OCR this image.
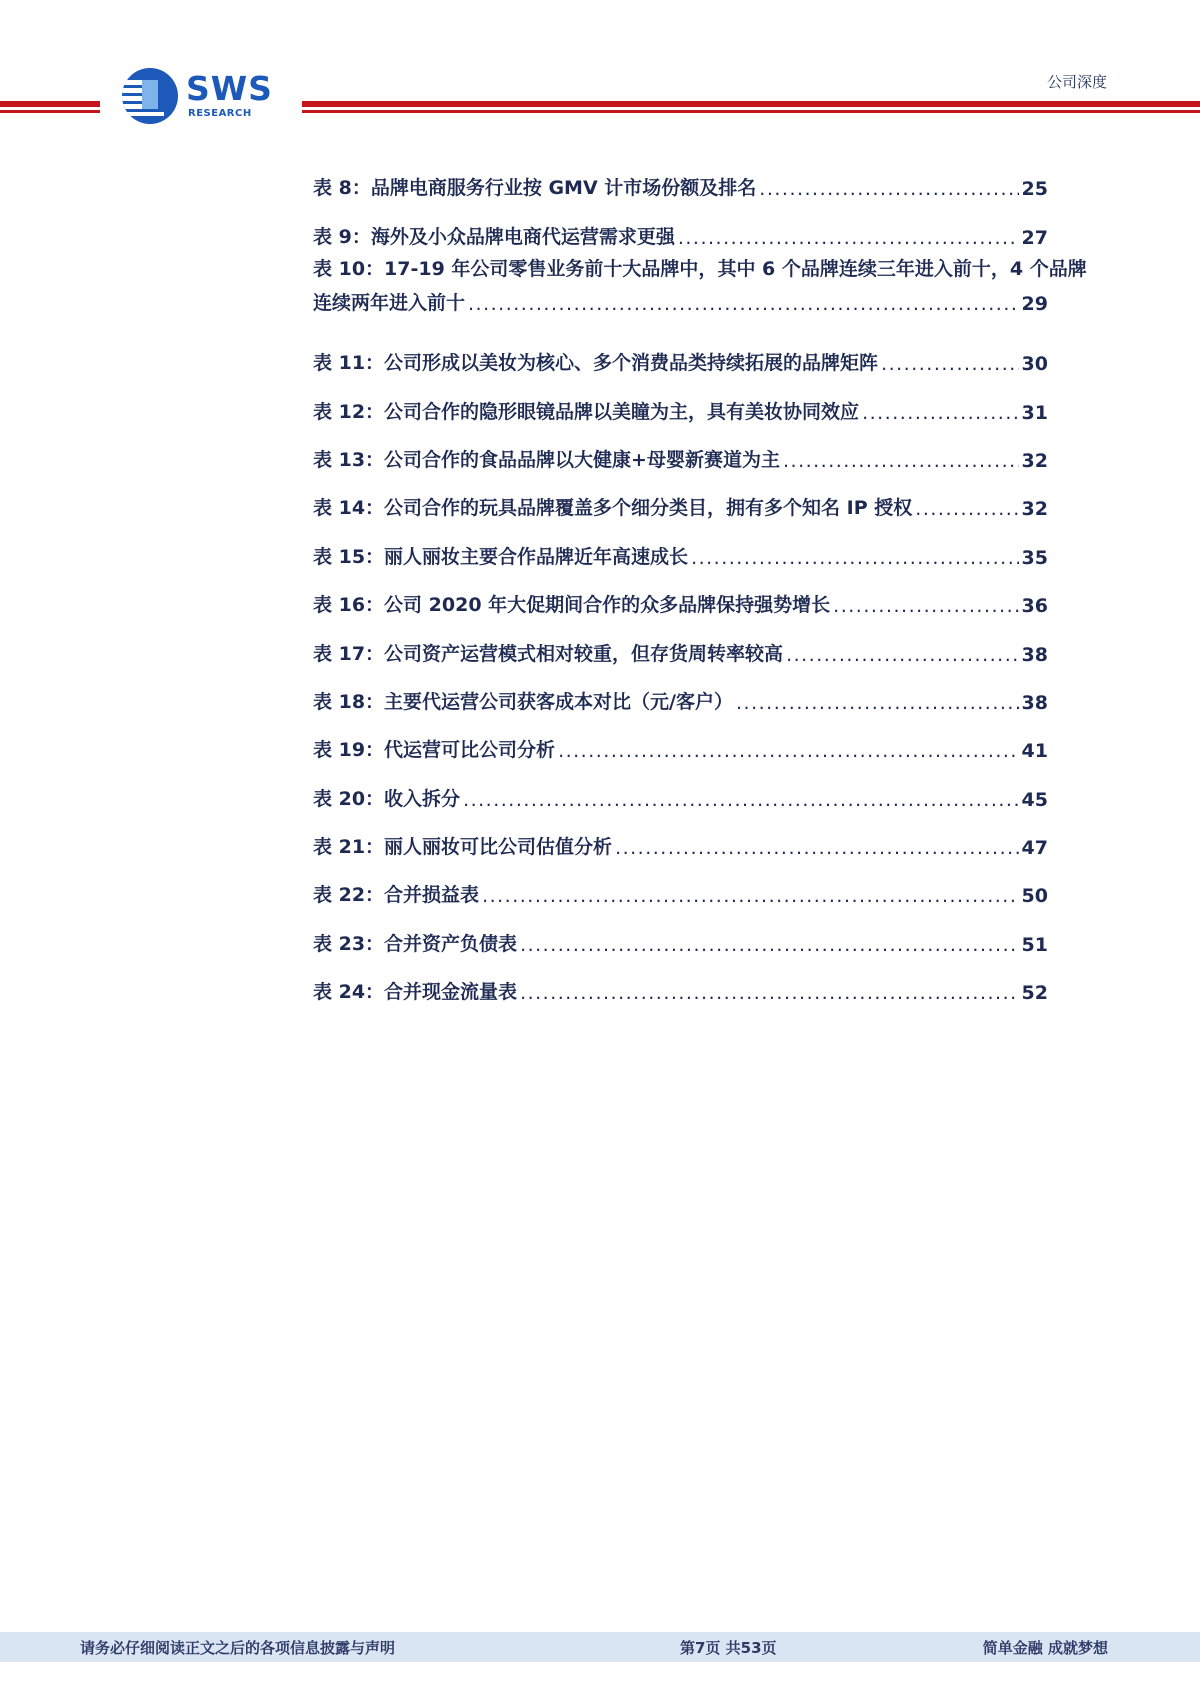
SWS
RESEARCH
公司深度
表 8：品牌电商服务行业按 GMV 计市场份额及排名 .....	25
表 9：海外及小众品牌电商代运营需求更强 .....	27
表 10：17-19 年公司零售业务前十大品牌中，其中 6 个品牌连续三年进入前十，4 个品牌
连续两年进入前十 .....	29
表 11：公司形成以美妆为核心、多个消费品类持续拓展的品牌矩阵 .....	30
表 12：公司合作的隐形眼镜品牌以美瞳为主，具有美妆协同效应 .....	31
表 13：公司合作的食品品牌以大健康+母婴新赛道为主 .....	32
表 14：公司合作的玩具品牌覆盖多个细分类目，拥有多个知名 IP 授权 .....	32
表 15：丽人丽妆主要合作品牌近年高速成长 .....	35
表 16：公司 2020 年大促期间合作的众多品牌保持强势增长 .....	36
表 17：公司资产运营模式相对较重，但存货周转率较高 .....	38
表 18：主要代运营公司获客成本对比（元/客户） .....	38
表 19：代运营可比公司分析 .....	41
表 20：收入拆分 .....	45
表 21：丽人丽妆可比公司估值分析 .....	47
表 22：合并损益表 .....	50
表 23：合并资产负债表 .....	51
表 24：合并现金流量表 .....	52
请务必仔细阅读正文之后的各项信息披露与声明	第7页 共53页	简单金融 成就梦想
